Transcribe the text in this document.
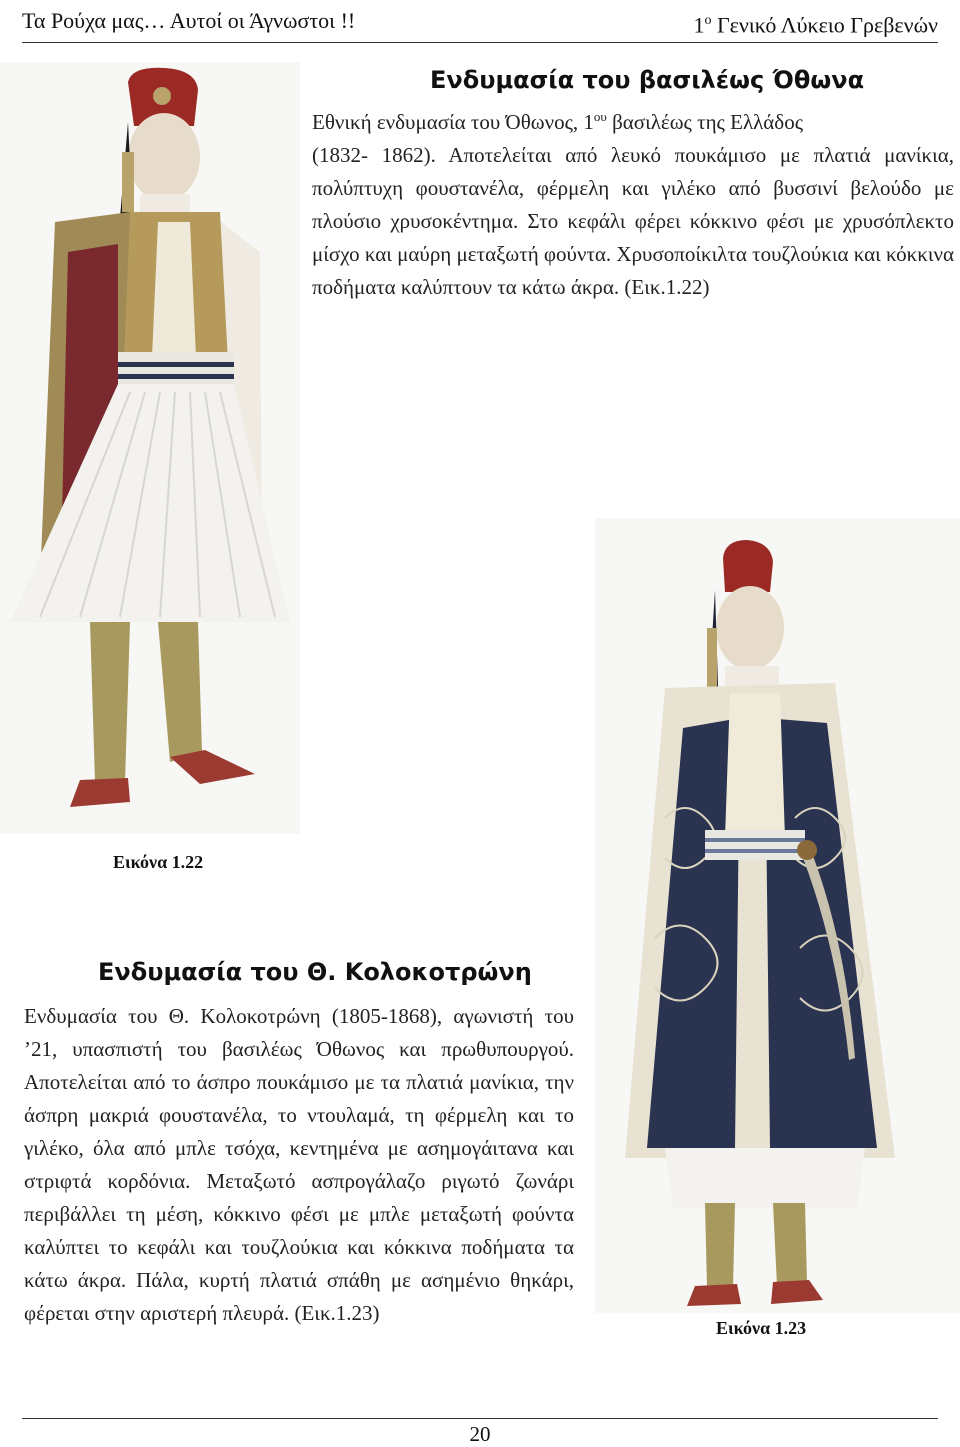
Τα Ρούχα μας… Αυτοί οι Άγνωστοι !!	$1^o$ Γενικό Λύκειο Γρεβενών
Ενδυμασία του βασιλέως Όθωνα
Εθνική ενδυμασία του Όθωνος, $1^{o\upsilon}$ βασιλέως της Ελλάδος
(1832- 1862). Αποτελείται από λευκό πουκάμισο με πλατιά μανίκια, πολύπτυχη φουστανέλα, φέρμελη και γιλέκο από βυσσινί βελούδο με πλούσιο χρυσοκέντημα. Στο κεφάλι φέρει κόκκινο φέσι με χρυσόπλεκτο μίσχο και μαύρη μεταξωτή φούντα. Χρυσοποίκιλτα τουζλούκια και κόκκινα ποδήματα καλύπτουν τα κάτω άκρα. (Εικ.1.22)
Εικόνα 1.22
Ενδυμασία του Θ. Κολοκοτρώνη
Ενδυμασία του Θ. Κολοκοτρώνη (1805-1868), αγωνιστή του ’21, υπασπιστή του βασιλέως Όθωνος και πρωθυπουργού. Αποτελείται από το άσπρο πουκάμισο με τα πλατιά μανίκια, την άσπρη μακριά φουστανέλα, το ντουλαμά, τη φέρμελη και το γιλέκο, όλα από μπλε τσόχα, κεντημένα με ασημογάιτανα και στριφτά κορδόνια. Μεταξωτό ασπρογάλαζο ριγωτό ζωνάρι περιβάλλει τη μέση, κόκκινο φέσι με μπλε μεταξωτή φούντα καλύπτει το κεφάλι και τουζλούκια και κόκκινα ποδήματα τα κάτω άκρα. Πάλα, κυρτή πλατιά σπάθη με ασημένιο θηκάρι, φέρεται στην αριστερή πλευρά. (Εικ.1.23)
Εικόνα 1.23
20
